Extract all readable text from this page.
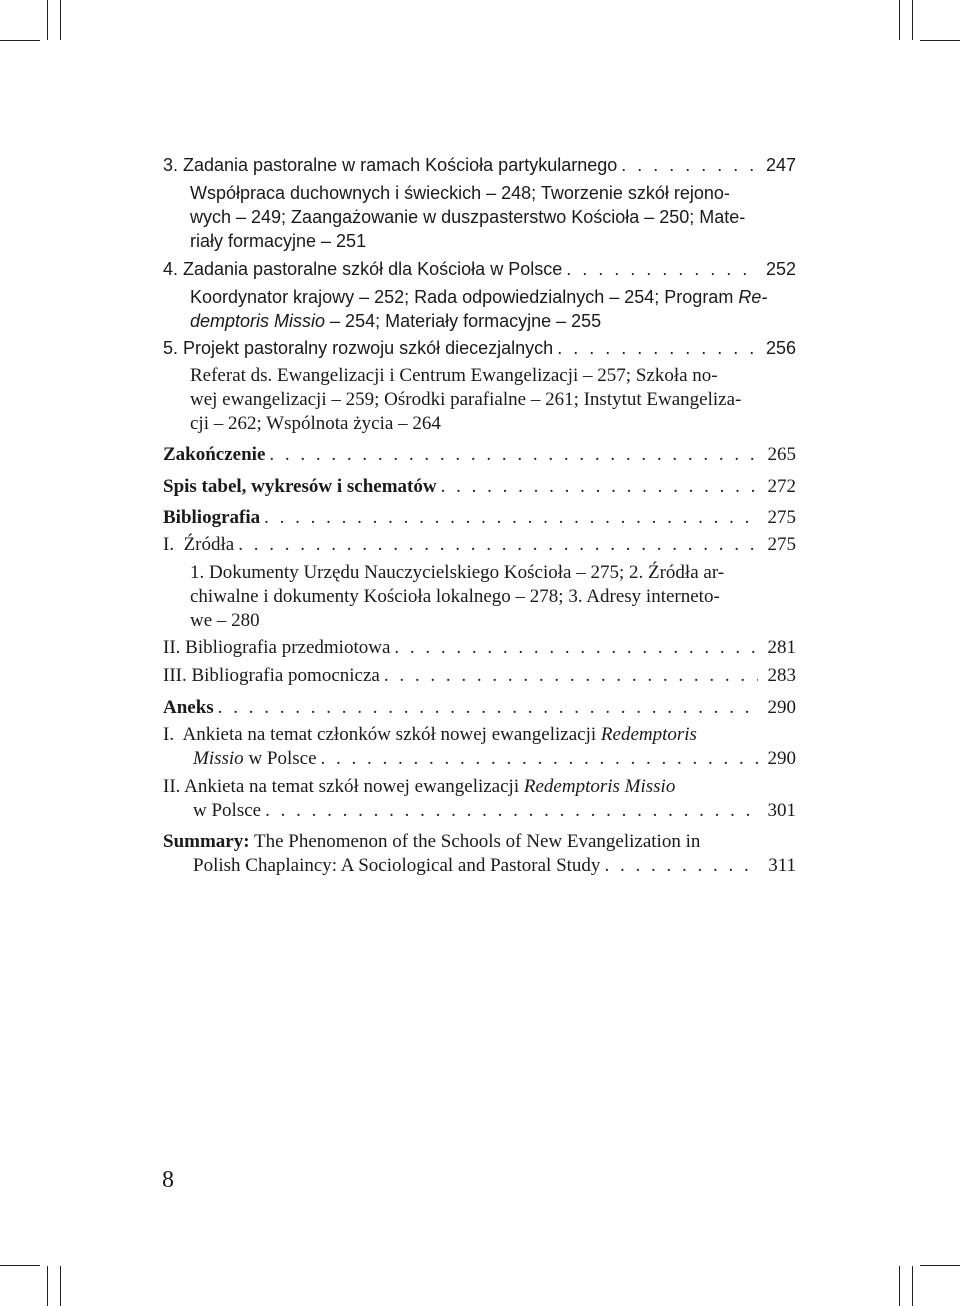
3. Zadania pastoralne w ramach Kościoła partykularnego . . .	247
Współpraca duchownych i świeckich – 248; Tworzenie szkół rejono-
wych – 249; Zaangażowanie w duszpasterstwo Kościoła – 250; Mate-
riały formacyjne – 251
4. Zadania pastoralne szkół dla Kościoła w Polsce . . .	252
Koordynator krajowy – 252; Rada odpowiedzialnych – 254; Program Re-
demptoris Missio – 254; Materiały formacyjne – 255
5. Projekt pastoralny rozwoju szkół diecezjalnych . . .	256
Referat ds. Ewangelizacji i Centrum Ewangelizacji – 257; Szkoła no-
wej ewangelizacji – 259; Ośrodki parafialne – 261; Instytut Ewangeliza-
cji – 262; Wspólnota życia – 264
Zakończenie . . .	265
Spis tabel, wykresów i schematów . . .	272
Bibliografia . . .	275
I.  Źródła . . .	275
1. Dokumenty Urzędu Nauczycielskiego Kościoła – 275; 2. Źródła ar-
chiwalne i dokumenty Kościoła lokalnego – 278; 3. Adresy interneto-
we – 280
II. Bibliografia przedmiotowa . . .	281
III. Bibliografia pomocnicza . . .	283
Aneks . . .	290
I.  Ankieta na temat członków szkół nowej ewangelizacji Redemptoris
Missio w Polsce . . .	290
II. Ankieta na temat szkół nowej ewangelizacji Redemptoris Missio
w Polsce . . .	301
Summary: The Phenomenon of the Schools of New Evangelization in
Polish Chaplaincy: A Sociological and Pastoral Study . . .	311
8
